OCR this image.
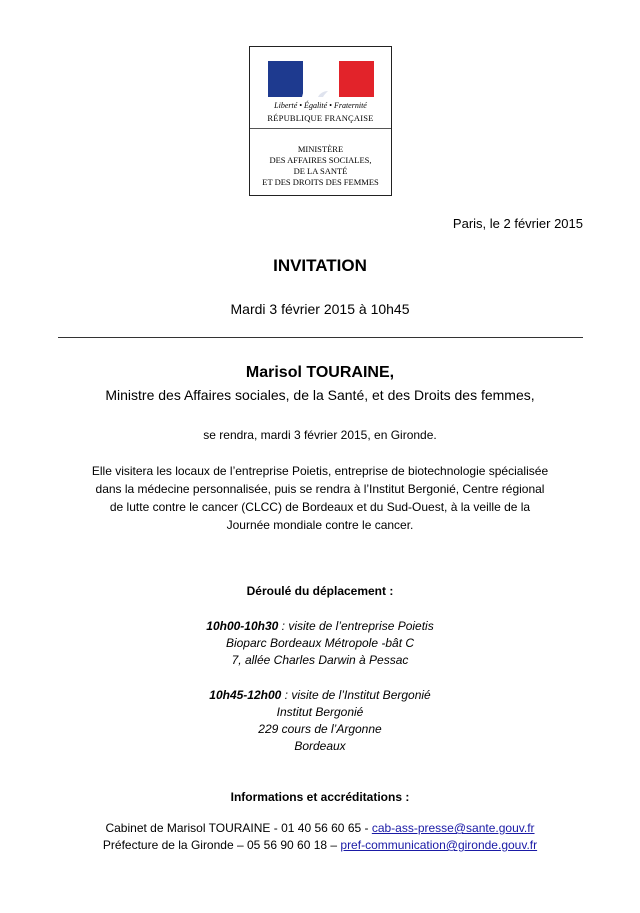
Liberté • Égalité • Fraternité
RÉPUBLIQUE FRANÇAISE
MINISTÈRE
DES AFFAIRES SOCIALES,
DE LA SANTÉ
ET DES DROITS DES FEMMES
Paris, le 2 février 2015
INVITATION
Mardi 3 février 2015 à 10h45
Marisol TOURAINE,
Ministre des Affaires sociales, de la Santé, et des Droits des femmes,
se rendra, mardi 3 février 2015, en Gironde.
Elle visitera les locaux de l’entreprise Poietis, entreprise de biotechnologie spécialisée
dans la médecine personnalisée, puis se rendra à l’Institut Bergonié, Centre régional
de lutte contre le cancer (CLCC) de Bordeaux et du Sud-Ouest, à la veille de la
Journée mondiale contre le cancer.
Déroulé du déplacement :
10h00-10h30 : visite de l’entreprise Poietis
Bioparc Bordeaux Métropole -bât C
7, allée Charles Darwin à Pessac
10h45-12h00 : visite de l’Institut Bergonié
Institut Bergonié
229 cours de l’Argonne
Bordeaux
Informations et accréditations :
Cabinet de Marisol TOURAINE - 01 40 56 60 65 - cab-ass-presse@sante.gouv.fr
Préfecture de la Gironde – 05 56 90 60 18 – pref-communication@gironde.gouv.fr
